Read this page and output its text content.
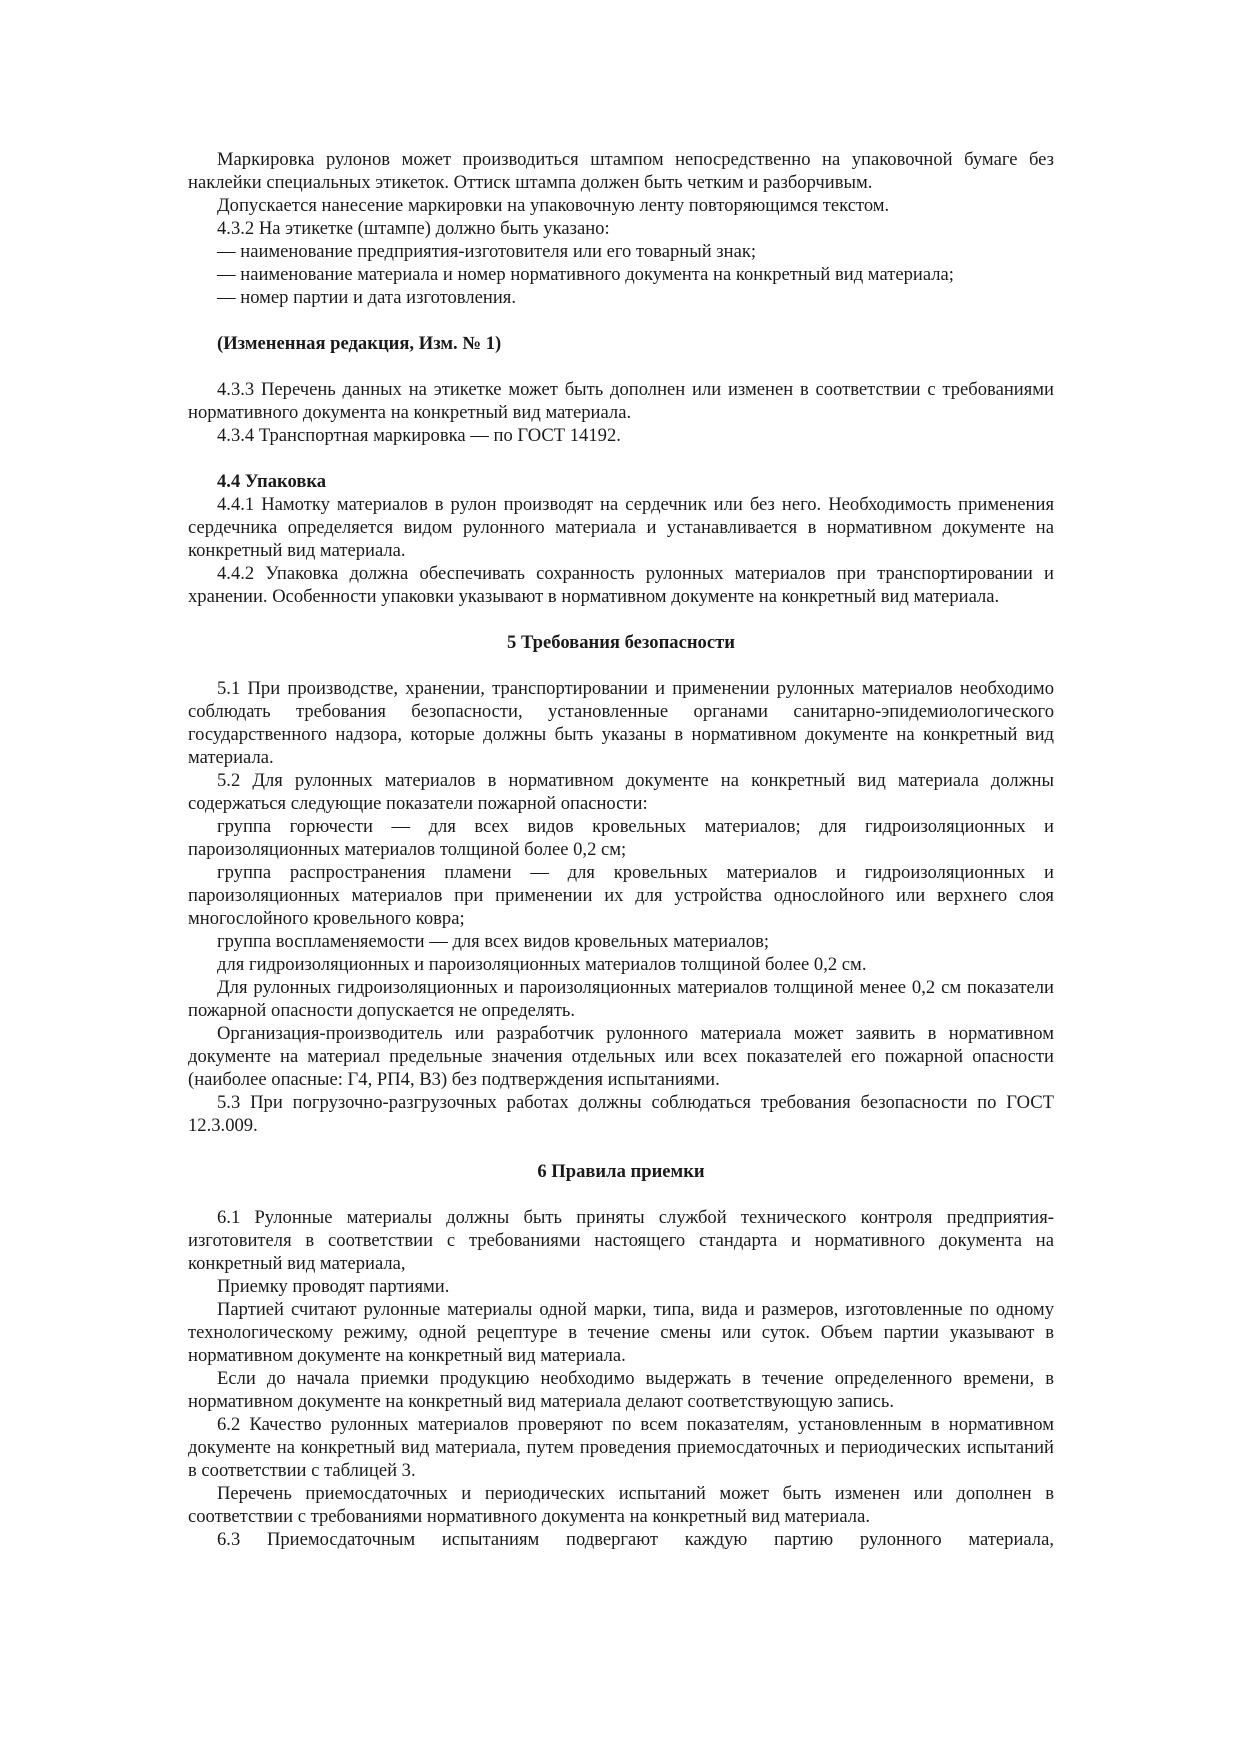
Маркировка рулонов может производиться штампом непосредственно на упаковочной бумаге без наклейки специальных этикеток. Оттиск штампа должен быть четким и разборчивым.

Допускается нанесение маркировки на упаковочную ленту повторяющимся текстом.

4.3.2 На этикетке (штампе) должно быть указано:

— наименование предприятия-изготовителя или его товарный знак;

— наименование материала и номер нормативного документа на конкретный вид материала;

— номер партии и дата изготовления.

(Измененная редакция, Изм. № 1)

4.3.3 Перечень данных на этикетке может быть дополнен или изменен в соответствии с требованиями нормативного документа на конкретный вид материала.

4.3.4 Транспортная маркировка — по ГОСТ 14192.

4.4 Упаковка

4.4.1 Намотку материалов в рулон производят на сердечник или без него. Необходимость применения сердечника определяется видом рулонного материала и устанавливается в нормативном документе на конкретный вид материала.

4.4.2 Упаковка должна обеспечивать сохранность рулонных материалов при транспортировании и хранении. Особенности упаковки указывают в нормативном документе на конкретный вид материала.

5 Требования безопасности

5.1 При производстве, хранении, транспортировании и применении рулонных материалов необходимо соблюдать требования безопасности, установленные органами санитарно-эпидемиологического государственного надзора, которые должны быть указаны в нормативном документе на конкретный вид материала.

5.2 Для рулонных материалов в нормативном документе на конкретный вид материала должны содержаться следующие показатели пожарной опасности:

группа горючести — для всех видов кровельных материалов; для гидроизоляционных и пароизоляционных материалов толщиной более 0,2 см;

группа распространения пламени — для кровельных материалов и гидроизоляционных и пароизоляционных материалов при применении их для устройства однослойного или верхнего слоя многослойного кровельного ковра;

группа воспламеняемости — для всех видов кровельных материалов;

для гидроизоляционных и пароизоляционных материалов толщиной более 0,2 см.

Для рулонных гидроизоляционных и пароизоляционных материалов толщиной менее 0,2 см показатели пожарной опасности допускается не определять.

Организация-производитель или разработчик рулонного материала может заявить в нормативном документе на материал предельные значения отдельных или всех показателей его пожарной опасности (наиболее опасные: Г4, РП4, В3) без подтверждения испытаниями.

5.3 При погрузочно-разгрузочных работах должны соблюдаться требования безопасности по ГОСТ 12.3.009.

6 Правила приемки

6.1 Рулонные материалы должны быть приняты службой технического контроля предприятия-изготовителя в соответствии с требованиями настоящего стандарта и нормативного документа на конкретный вид материала,

Приемку проводят партиями.

Партией считают рулонные материалы одной марки, типа, вида и размеров, изготовленные по одному технологическому режиму, одной рецептуре в течение смены или суток. Объем партии указывают в нормативном документе на конкретный вид материала.

Если до начала приемки продукцию необходимо выдержать в течение определенного времени, в нормативном документе на конкретный вид материала делают соответствующую запись.

6.2 Качество рулонных материалов проверяют по всем показателям, установленным в нормативном документе на конкретный вид материала, путем проведения приемосдаточных и периодических испытаний в соответствии с таблицей 3.

Перечень приемосдаточных и периодических испытаний может быть изменен или дополнен в соответствии с требованиями нормативного документа на конкретный вид материала.

6.3 Приемосдаточным испытаниям подвергают каждую партию рулонного материала,
